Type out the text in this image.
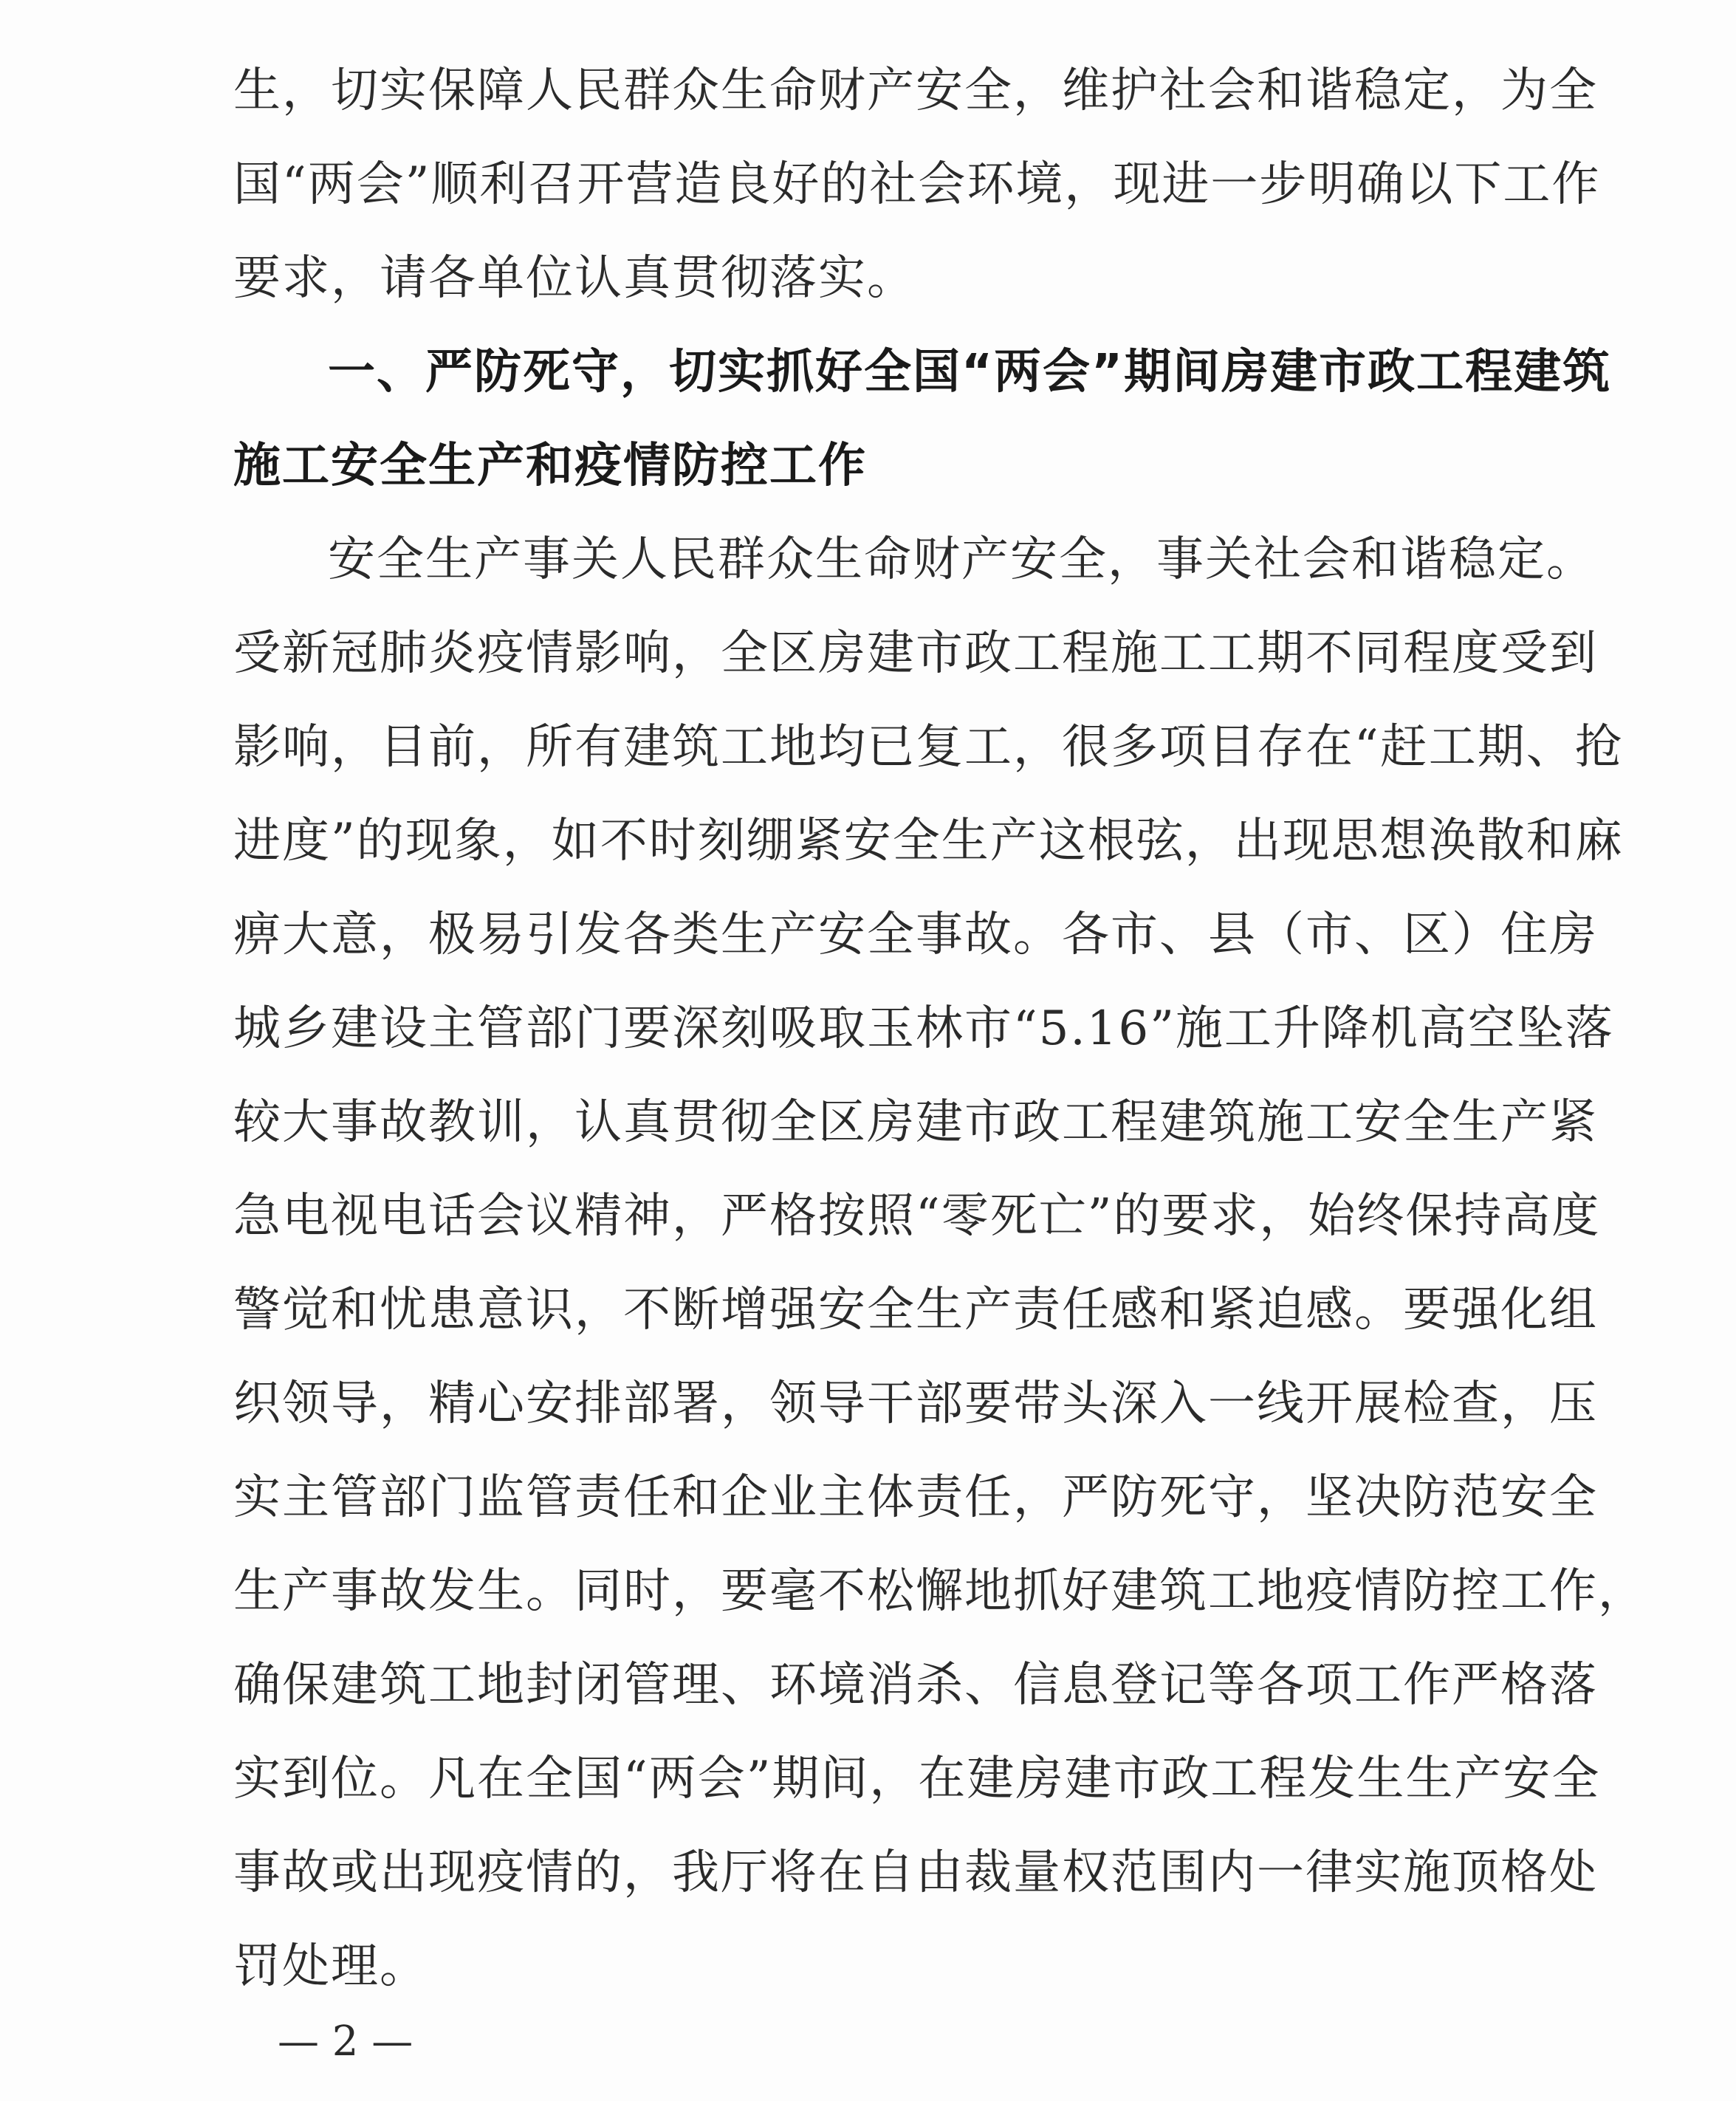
生，切实保障人民群众生命财产安全，维护社会和谐稳定，为全
国“两会”顺利召开营造良好的社会环境，现进一步明确以下工作
要求，请各单位认真贯彻落实。
一、严防死守，切实抓好全国“两会”期间房建市政工程建筑
施工安全生产和疫情防控工作
安全生产事关人民群众生命财产安全，事关社会和谐稳定。
受新冠肺炎疫情影响，全区房建市政工程施工工期不同程度受到
影响，目前，所有建筑工地均已复工，很多项目存在“赶工期、抢
进度”的现象，如不时刻绷紧安全生产这根弦，出现思想涣散和麻
痹大意，极易引发各类生产安全事故。各市、县（市、区）住房
城乡建设主管部门要深刻吸取玉林市“5.16”施工升降机高空坠落
较大事故教训，认真贯彻全区房建市政工程建筑施工安全生产紧
急电视电话会议精神，严格按照“零死亡”的要求，始终保持高度
警觉和忧患意识，不断增强安全生产责任感和紧迫感。要强化组
织领导，精心安排部署，领导干部要带头深入一线开展检查，压
实主管部门监管责任和企业主体责任，严防死守，坚决防范安全
生产事故发生。同时，要毫不松懈地抓好建筑工地疫情防控工作，
确保建筑工地封闭管理、环境消杀、信息登记等各项工作严格落
实到位。凡在全国“两会”期间，在建房建市政工程发生生产安全
事故或出现疫情的，我厅将在自由裁量权范围内一律实施顶格处
罚处理。
— 2 —
